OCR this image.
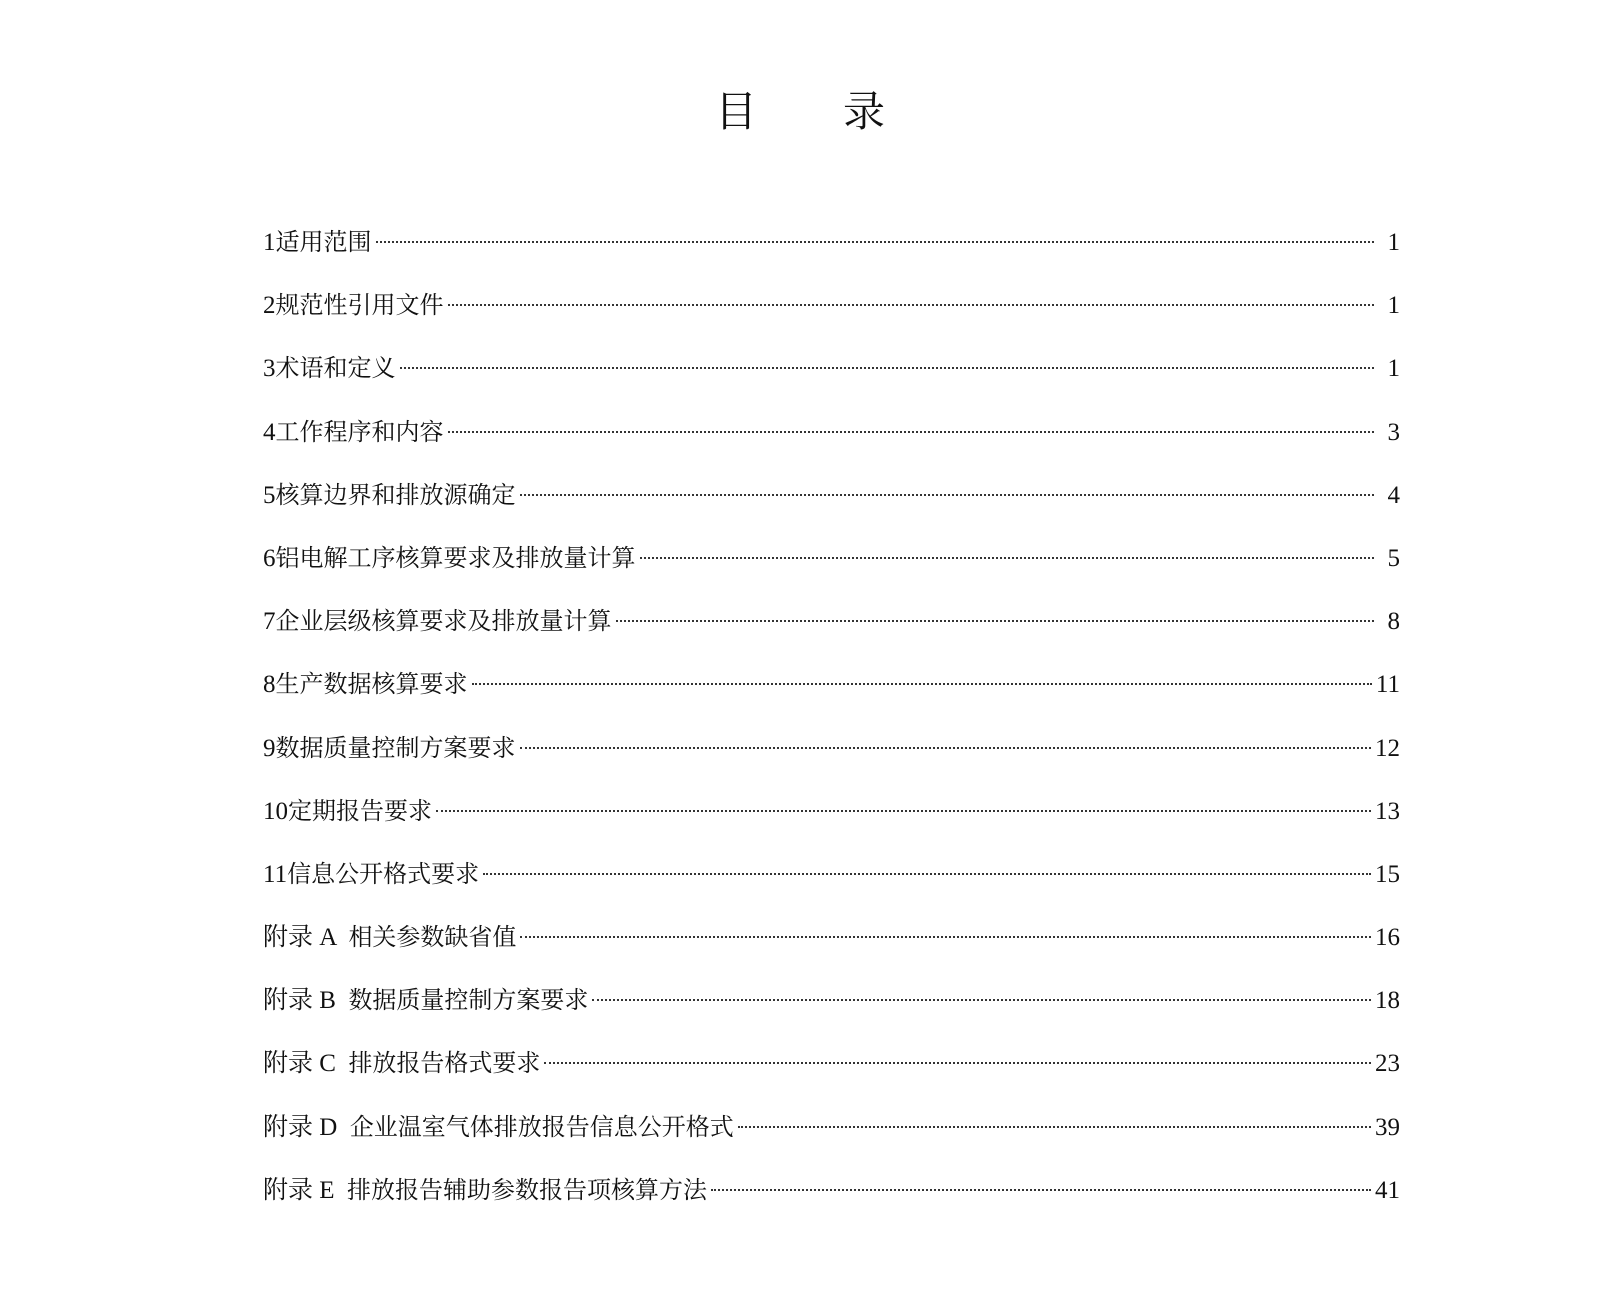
目 录
1 适用范围	1
2 规范性引用文件	1
3 术语和定义	1
4 工作程序和内容	3
5 核算边界和排放源确定	4
6 铝电解工序核算要求及排放量计算	5
7 企业层级核算要求及排放量计算	8
8 生产数据核算要求	11
9 数据质量控制方案要求	12
10 定期报告要求	13
11 信息公开格式要求	15
附录 A 相关参数缺省值	16
附录 B 数据质量控制方案要求	18
附录 C 排放报告格式要求	23
附录 D 企业温室气体排放报告信息公开格式	39
附录 E 排放报告辅助参数报告项核算方法	41
